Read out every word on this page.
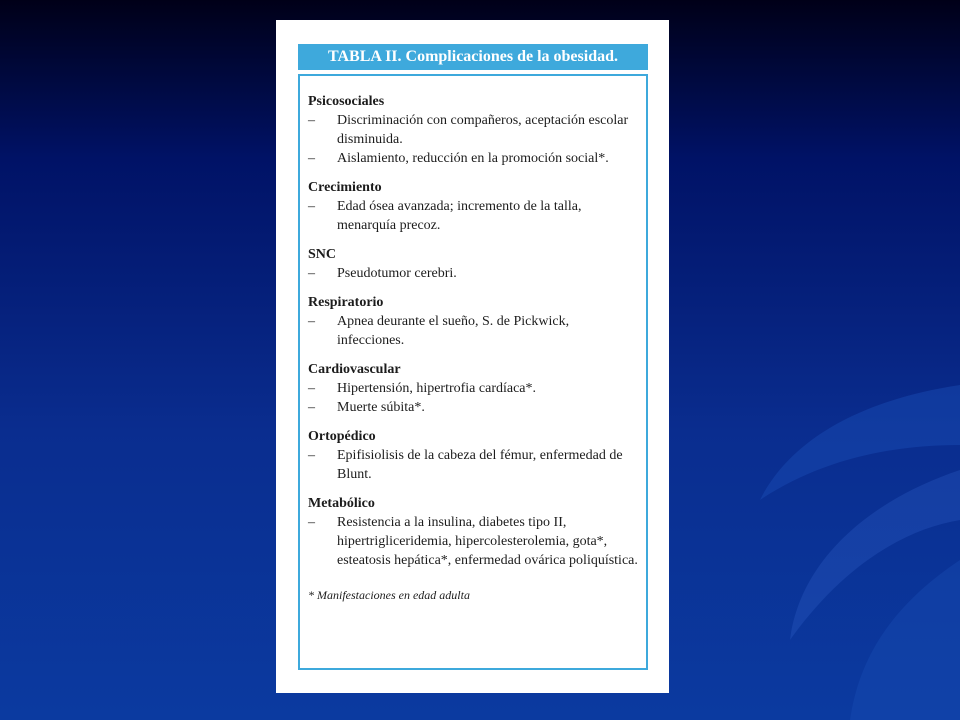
TABLA II. Complicaciones de la obesidad.
Psicosociales
–	Discriminación con compañeros, aceptación escolar disminuida.
–	Aislamiento, reducción en la promoción social*.
Crecimiento
–	Edad ósea avanzada; incremento de la talla, menarquía precoz.
SNC
–	Pseudotumor cerebri.
Respiratorio
–	Apnea deurante el sueño, S. de Pickwick, infecciones.
Cardiovascular
–	Hipertensión, hipertrofia cardíaca*.
–	Muerte súbita*.
Ortopédico
–	Epifisiolisis de la cabeza del fémur, enfermedad de Blunt.
Metabólico
–	Resistencia a la insulina, diabetes tipo II, hipertrigliceridemia, hipercolesterolemia, gota*, esteatosis hepática*, enfermedad ovárica poliquística.
* Manifestaciones en edad adulta
